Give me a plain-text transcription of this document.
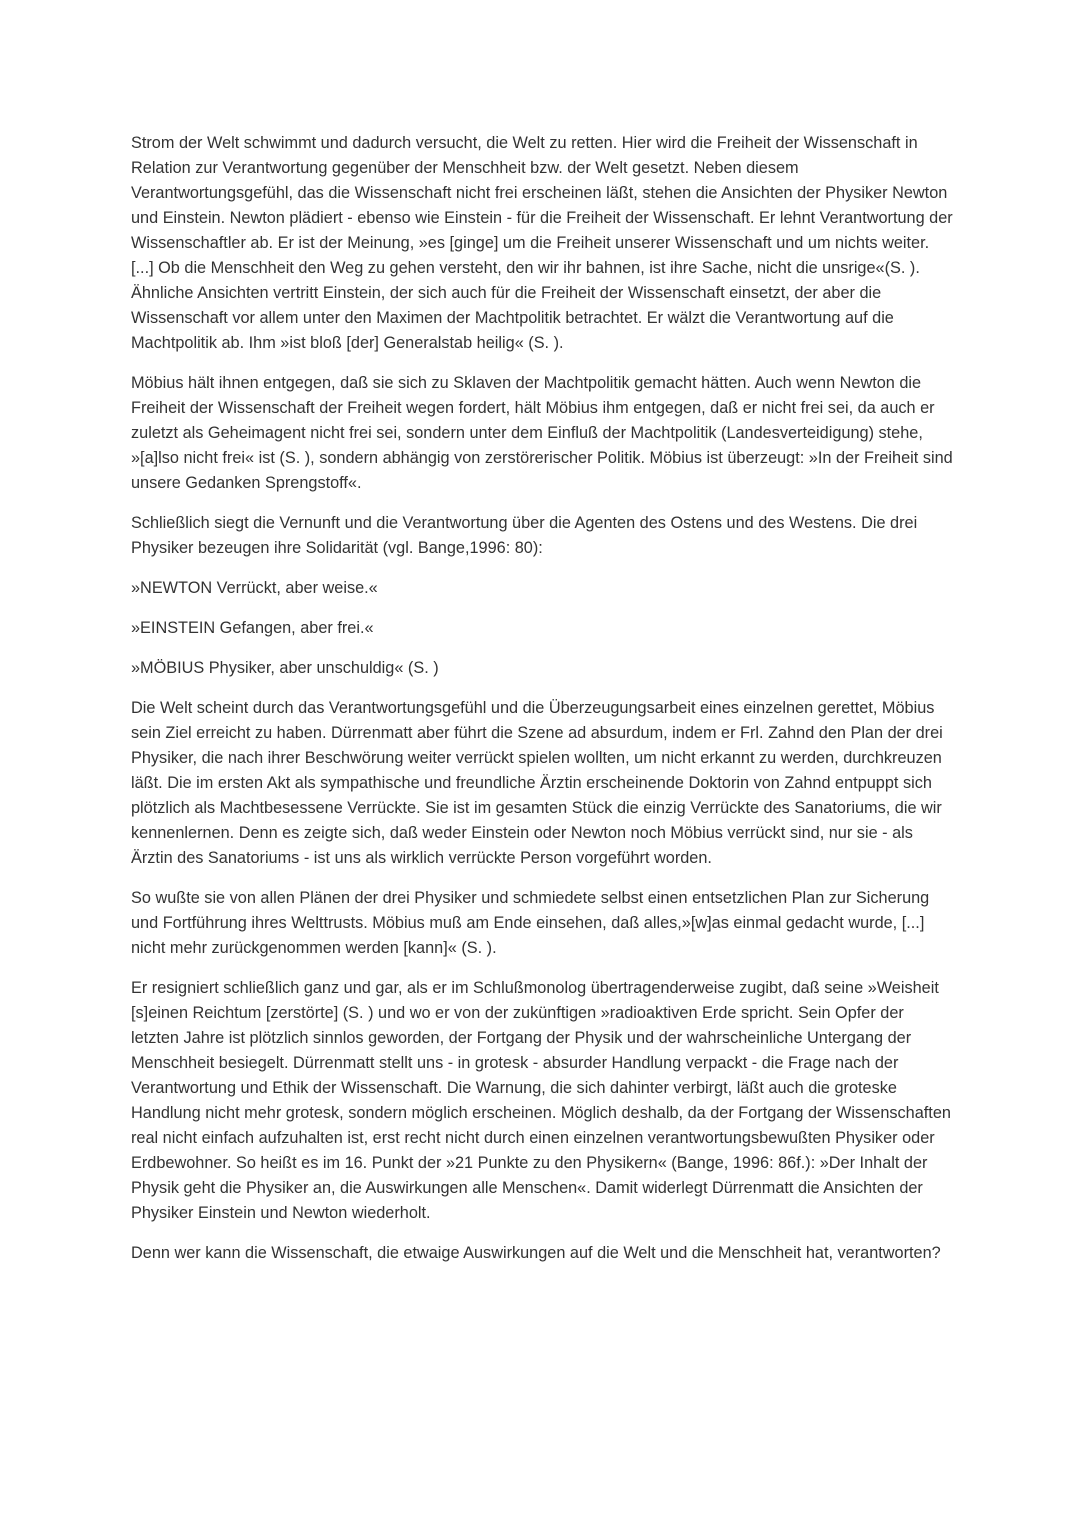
Strom der Welt schwimmt und dadurch versucht, die Welt zu retten. Hier wird die Freiheit der Wissenschaft in Relation zur Verantwortung gegenüber der Menschheit bzw. der Welt gesetzt. Neben diesem Verantwortungsgefühl, das die Wissenschaft nicht frei erscheinen läßt, stehen die Ansichten der Physiker Newton und Einstein. Newton plädiert - ebenso wie Einstein - für die Freiheit der Wissenschaft. Er lehnt Verantwortung der Wissenschaftler ab. Er ist der Meinung, »es [ginge] um die Freiheit unserer Wissenschaft und um nichts weiter. [...] Ob die Menschheit den Weg zu gehen versteht, den wir ihr bahnen, ist ihre Sache, nicht die unsrige«(S. ). Ähnliche Ansichten vertritt Einstein, der sich auch für die Freiheit der Wissenschaft einsetzt, der aber die Wissenschaft vor allem unter den Maximen der Machtpolitik betrachtet. Er wälzt die Verantwortung auf die Machtpolitik ab. Ihm »ist bloß [der] Generalstab heilig« (S. ).

Möbius hält ihnen entgegen, daß sie sich zu Sklaven der Machtpolitik gemacht hätten. Auch wenn Newton die Freiheit der Wissenschaft der Freiheit wegen fordert, hält Möbius ihm entgegen, daß er nicht frei sei, da auch er zuletzt als Geheimagent nicht frei sei, sondern unter dem Einfluß der Machtpolitik (Landesverteidigung) stehe, »[a]lso nicht frei« ist (S. ), sondern abhängig von zerstörerischer Politik. Möbius ist überzeugt: »In der Freiheit sind unsere Gedanken Sprengstoff«.

Schließlich siegt die Vernunft und die Verantwortung über die Agenten des Ostens und des Westens. Die drei Physiker bezeugen ihre Solidarität (vgl. Bange,1996: 80):

»NEWTON Verrückt, aber weise.«

»EINSTEIN Gefangen, aber frei.«

»MÖBIUS Physiker, aber unschuldig« (S. )

Die Welt scheint durch das Verantwortungsgefühl und die Überzeugungsarbeit eines einzelnen gerettet, Möbius sein Ziel erreicht zu haben. Dürrenmatt aber führt die Szene ad absurdum, indem er Frl. Zahnd den Plan der drei Physiker, die nach ihrer Beschwörung weiter verrückt spielen wollten, um nicht erkannt zu werden, durchkreuzen läßt. Die im ersten Akt als sympathische und freundliche Ärztin erscheinende Doktorin von Zahnd entpuppt sich plötzlich als Machtbesessene Verrückte. Sie ist im gesamten Stück die einzig Verrückte des Sanatoriums, die wir kennenlernen. Denn es zeigte sich, daß weder Einstein oder Newton noch Möbius verrückt sind, nur sie - als Ärztin des Sanatoriums - ist uns als wirklich verrückte Person vorgeführt worden.

So wußte sie von allen Plänen der drei Physiker und schmiedete selbst einen entsetzlichen Plan zur Sicherung und Fortführung ihres Welttrusts. Möbius muß am Ende einsehen, daß alles,»[w]as einmal gedacht wurde, [...] nicht mehr zurückgenommen werden [kann]« (S. ).

Er resigniert schließlich ganz und gar, als er im Schlußmonolog übertragenderweise zugibt, daß seine »Weisheit [s]einen Reichtum [zerstörte] (S. ) und wo er von der zukünftigen »radioaktiven Erde spricht. Sein Opfer der letzten Jahre ist plötzlich sinnlos geworden, der Fortgang der Physik und der wahrscheinliche Untergang der Menschheit besiegelt. Dürrenmatt stellt uns - in grotesk - absurder Handlung verpackt - die Frage nach der Verantwortung und Ethik der Wissenschaft. Die Warnung, die sich dahinter verbirgt, läßt auch die groteske Handlung nicht mehr grotesk, sondern möglich erscheinen. Möglich deshalb, da der Fortgang der Wissenschaften real nicht einfach aufzuhalten ist, erst recht nicht durch einen einzelnen verantwortungsbewußten Physiker oder Erdbewohner. So heißt es im 16. Punkt der »21 Punkte zu den Physikern« (Bange, 1996: 86f.): »Der Inhalt der Physik geht die Physiker an, die Auswirkungen alle Menschen«. Damit widerlegt Dürrenmatt die Ansichten der Physiker Einstein und Newton wiederholt.

Denn wer kann die Wissenschaft, die etwaige Auswirkungen auf die Welt und die Menschheit hat, verantworten?
